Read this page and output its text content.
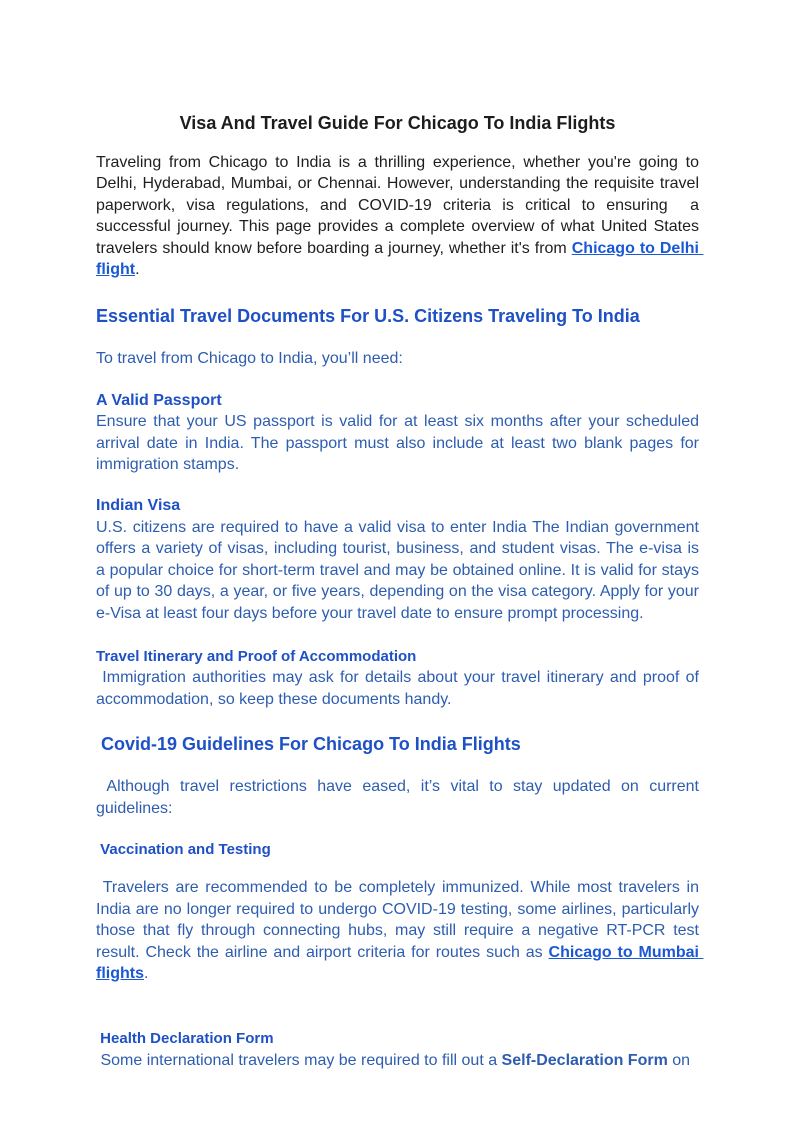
Visa And Travel Guide For Chicago To India Flights

Traveling from Chicago to India is a thrilling experience, whether you're going to  Delhi, Hyderabad, Mumbai, or Chennai. However, understanding the requisite travel  paperwork, visa regulations, and COVID-19 criteria is critical to ensuring  a  successful journey. This page provides a complete overview of what United States  travelers should know before boarding a journey, whether it's from Chicago to Delhi  flight.

Essential Travel Documents For U.S. Citizens Traveling To India

To travel from Chicago to India, you’ll need:

A Valid Passport

Ensure that your US passport is valid for at least six months after your scheduled   arrival date in India. The passport must also include at least two blank pages for  immigration stamps.

Indian Visa

U.S. citizens are required to have a valid visa to enter India The Indian government   offers a variety of visas, including tourist, business, and student visas. The e-visa is  a popular choice for short-term travel and may be obtained online. It is valid for stays  of up to 30 days, a year, or five years, depending on the visa category. Apply for your  e-Visa at least four days before your travel date to ensure prompt processing.

Travel Itinerary and Proof of Accommodation

Immigration authorities may ask for details about your travel itinerary and proof of  accommodation, so keep these documents handy.

Covid-19 Guidelines For Chicago To India Flights

Although travel restrictions have eased, it’s vital to stay updated on current  guidelines:

Vaccination and Testing

Travelers are recommended to be completely immunized. While most travelers in   India are no longer required to undergo COVID-19 testing, some airlines, particularly   those that fly through connecting hubs, may still require a negative RT-PCR test   result. Check the airline and airport criteria for routes such as Chicago to Mumbai  flights.

Health Declaration Form

Some international travelers may be required to fill out a Self-Declaration Form on
